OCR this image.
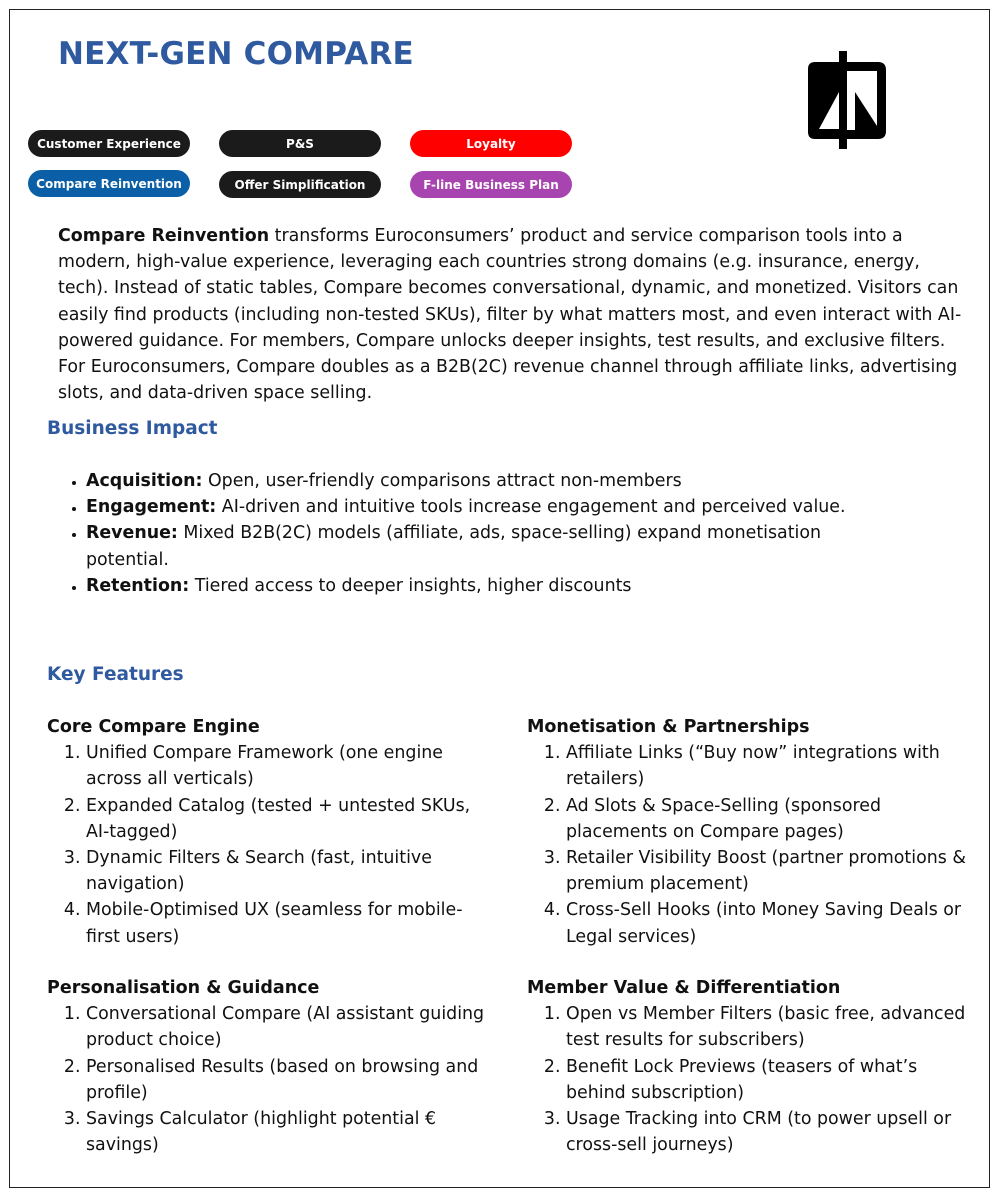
NEXT-GEN COMPARE
Customer Experience	P&S	Loyalty
Compare Reinvention	Offer Simplification	F-line Business Plan

Compare Reinvention transforms Euroconsumers’ product and service comparison tools into a modern, high-value experience, leveraging each countries strong domains (e.g. insurance, energy, tech). Instead of static tables, Compare becomes conversational, dynamic, and monetized. Visitors can easily find products (including non-tested SKUs), filter by what matters most, and even interact with AI-powered guidance. For members, Compare unlocks deeper insights, test results, and exclusive filters. For Euroconsumers, Compare doubles as a B2B(2C) revenue channel through affiliate links, advertising slots, and data-driven space selling.

Business Impact
• Acquisition: Open, user-friendly comparisons attract non-members
• Engagement: AI-driven and intuitive tools increase engagement and perceived value.
• Revenue: Mixed B2B(2C) models (affiliate, ads, space-selling) expand monetisation potential.
• Retention: Tiered access to deeper insights, higher discounts
Key Features
Core Compare Engine
1. Unified Compare Framework (one engine across all verticals)
2. Expanded Catalog (tested + untested SKUs, AI-tagged)
3. Dynamic Filters & Search (fast, intuitive navigation)
4. Mobile-Optimised UX (seamless for mobile-first users)
Monetisation & Partnerships
1. Affiliate Links (“Buy now” integrations with retailers)
2. Ad Slots & Space-Selling (sponsored placements on Compare pages)
3. Retailer Visibility Boost (partner promotions & premium placement)
4. Cross-Sell Hooks (into Money Saving Deals or Legal services)
Personalisation & Guidance
1. Conversational Compare (AI assistant guiding product choice)
2. Personalised Results (based on browsing and profile)
3. Savings Calculator (highlight potential € savings)
Member Value & Differentiation
1. Open vs Member Filters (basic free, advanced test results for subscribers)
2. Benefit Lock Previews (teasers of what’s behind subscription)
3. Usage Tracking into CRM (to power upsell or cross-sell journeys)
